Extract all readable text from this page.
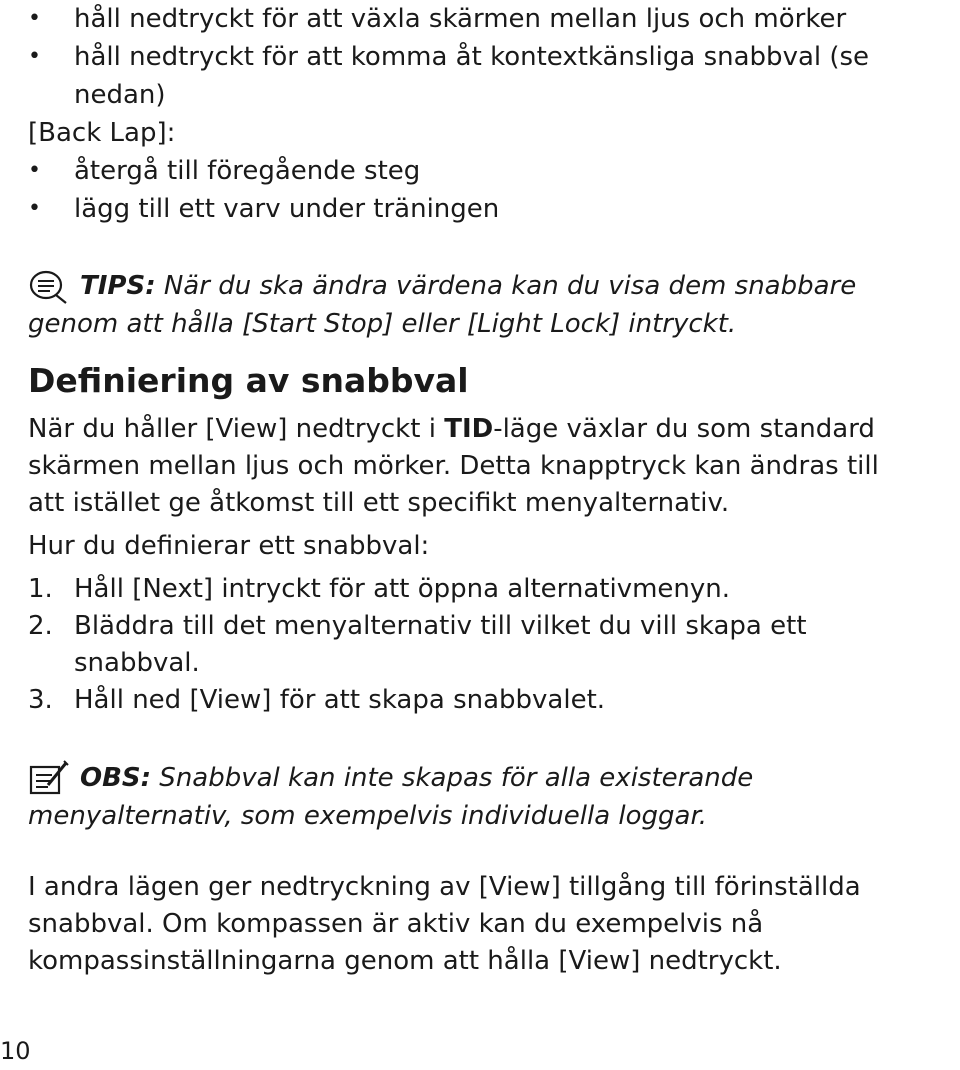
• håll nedtryckt för att växla skärmen mellan ljus och mörker
• håll nedtryckt för att komma åt kontextkänsliga snabbval (se nedan)
[Back Lap]:
• återgå till föregående steg
• lägg till ett varv under träningen
TIPS: När du ska ändra värdena kan du visa dem snabbare
genom att hålla [Start Stop] eller [Light Lock] intryckt.
Definiering av snabbval
När du håller [View] nedtryckt i TID-läge växlar du som standard
skärmen mellan ljus och mörker. Detta knapptryck kan ändras till
att istället ge åtkomst till ett specifikt menyalternativ.
Hur du definierar ett snabbval:
1. Håll [Next] intryckt för att öppna alternativmenyn.
2. Bläddra till det menyalternativ till vilket du vill skapa ett
snabbval.
3. Håll ned [View] för att skapa snabbvalet.
OBS: Snabbval kan inte skapas för alla existerande
menyalternativ, som exempelvis individuella loggar.
I andra lägen ger nedtryckning av [View] tillgång till förinställda
snabbval. Om kompassen är aktiv kan du exempelvis nå
kompassinställningarna genom att hålla [View] nedtryckt.
10
